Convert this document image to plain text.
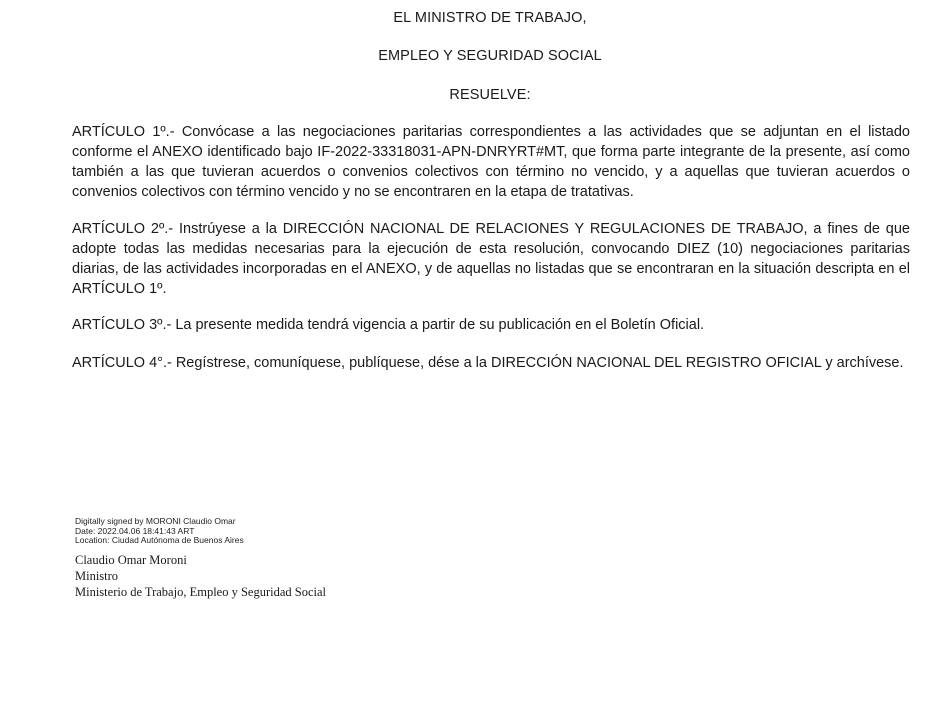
EL MINISTRO DE TRABAJO,
EMPLEO Y SEGURIDAD SOCIAL
RESUELVE:

ARTÍCULO 1º.- Convócase a las negociaciones paritarias correspondientes a las actividades que se adjuntan en el listado conforme el ANEXO identificado bajo IF-2022-33318031-APN-DNRYRT#MT, que forma parte integrante de la presente, así como también a las que tuvieran acuerdos o convenios colectivos con término no vencido, y a aquellas que tuvieran acuerdos o convenios colectivos con término vencido y no se encontraren en la etapa de tratativas.

ARTÍCULO 2º.- Instrúyese a la DIRECCIÓN NACIONAL DE RELACIONES Y REGULACIONES DE TRABAJO, a fines de que adopte todas las medidas necesarias para la ejecución de esta resolución, convocando DIEZ (10) negociaciones paritarias diarias, de las actividades incorporadas en el ANEXO, y de aquellas no listadas que se encontraran en la situación descripta en el ARTÍCULO 1º.

ARTÍCULO 3º.- La presente medida tendrá vigencia a partir de su publicación en el Boletín Oficial.

ARTÍCULO 4°.- Regístrese, comuníquese, publíquese, dése a la DIRECCIÓN NACIONAL DEL REGISTRO OFICIAL y archívese.

Digitally signed by MORONI Claudio Omar
Date: 2022.04.06 18:41:43 ART
Location: Ciudad Autónoma de Buenos Aires
Claudio Omar Moroni
Ministro
Ministerio de Trabajo, Empleo y Seguridad Social
